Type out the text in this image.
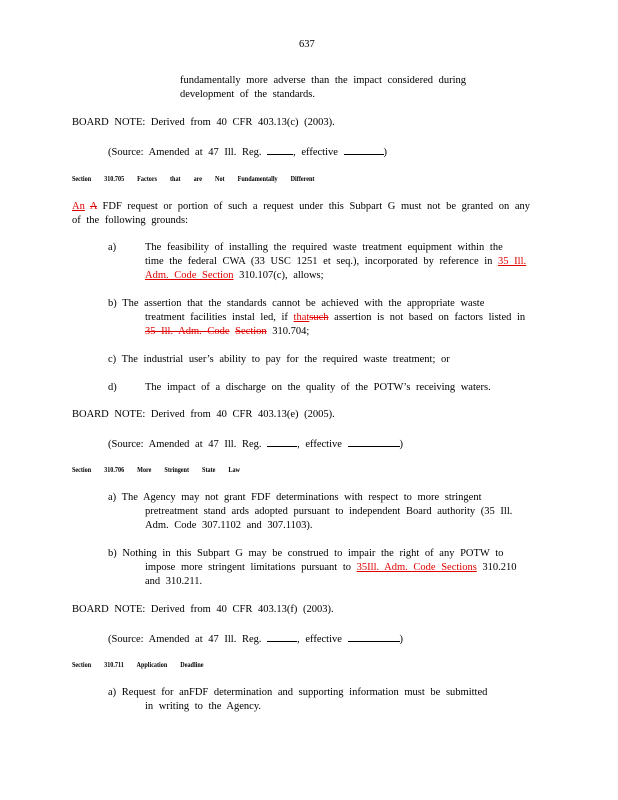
637
fundamentally more adverse than the impact considered during
development of the standards.
BOARD NOTE: Derived from 40 CFR 403.13(c) (2003).
(Source: Amended at 47 Ill. Reg.	, effective	)
Section 310.705 Factors that are Not Fundamentally Different
An A FDF request or portion of such a request under this Subpart G must not be granted on any
of the following grounds:
a)	The feasibility of installing the required waste treatment equipment within the
time the federal CWA (33 USC 1251 et seq.), incorporated by reference in 35 Ill.
Adm. Code Section 310.107(c), allows;
b) The assertion that the standards cannot be achieved with the appropriate waste
treatment facilities instal led, if thatsuch assertion is not based on factors listed in
35 Ill. Adm. Code Section 310.704;
c) The industrial user’s ability to pay for the required waste treatment; or
d)	The impact of a discharge on the quality of the POTW’s receiving waters.
BOARD NOTE: Derived from 40 CFR 403.13(e) (2005).
(Source: Amended at 47 Ill. Reg.	, effective	)
Section 310.706 More Stringent State Law
a) The Agency may not grant FDF determinations with respect to more stringent
pretreatment stand ards adopted pursuant to independent Board authority (35 Ill.
Adm. Code 307.1102 and 307.1103).
b) Nothing in this Subpart G may be construed to impair the right of any POTW to
impose more stringent limitations pursuant to 35Ill. Adm. Code Sections 310.210
and 310.211.
BOARD NOTE: Derived from 40 CFR 403.13(f) (2003).
(Source: Amended at 47 Ill. Reg.	, effective	)
Section 310.711 Application Deadline
a) Request for anFDF determination and supporting information must be submitted
in writing to the Agency.
